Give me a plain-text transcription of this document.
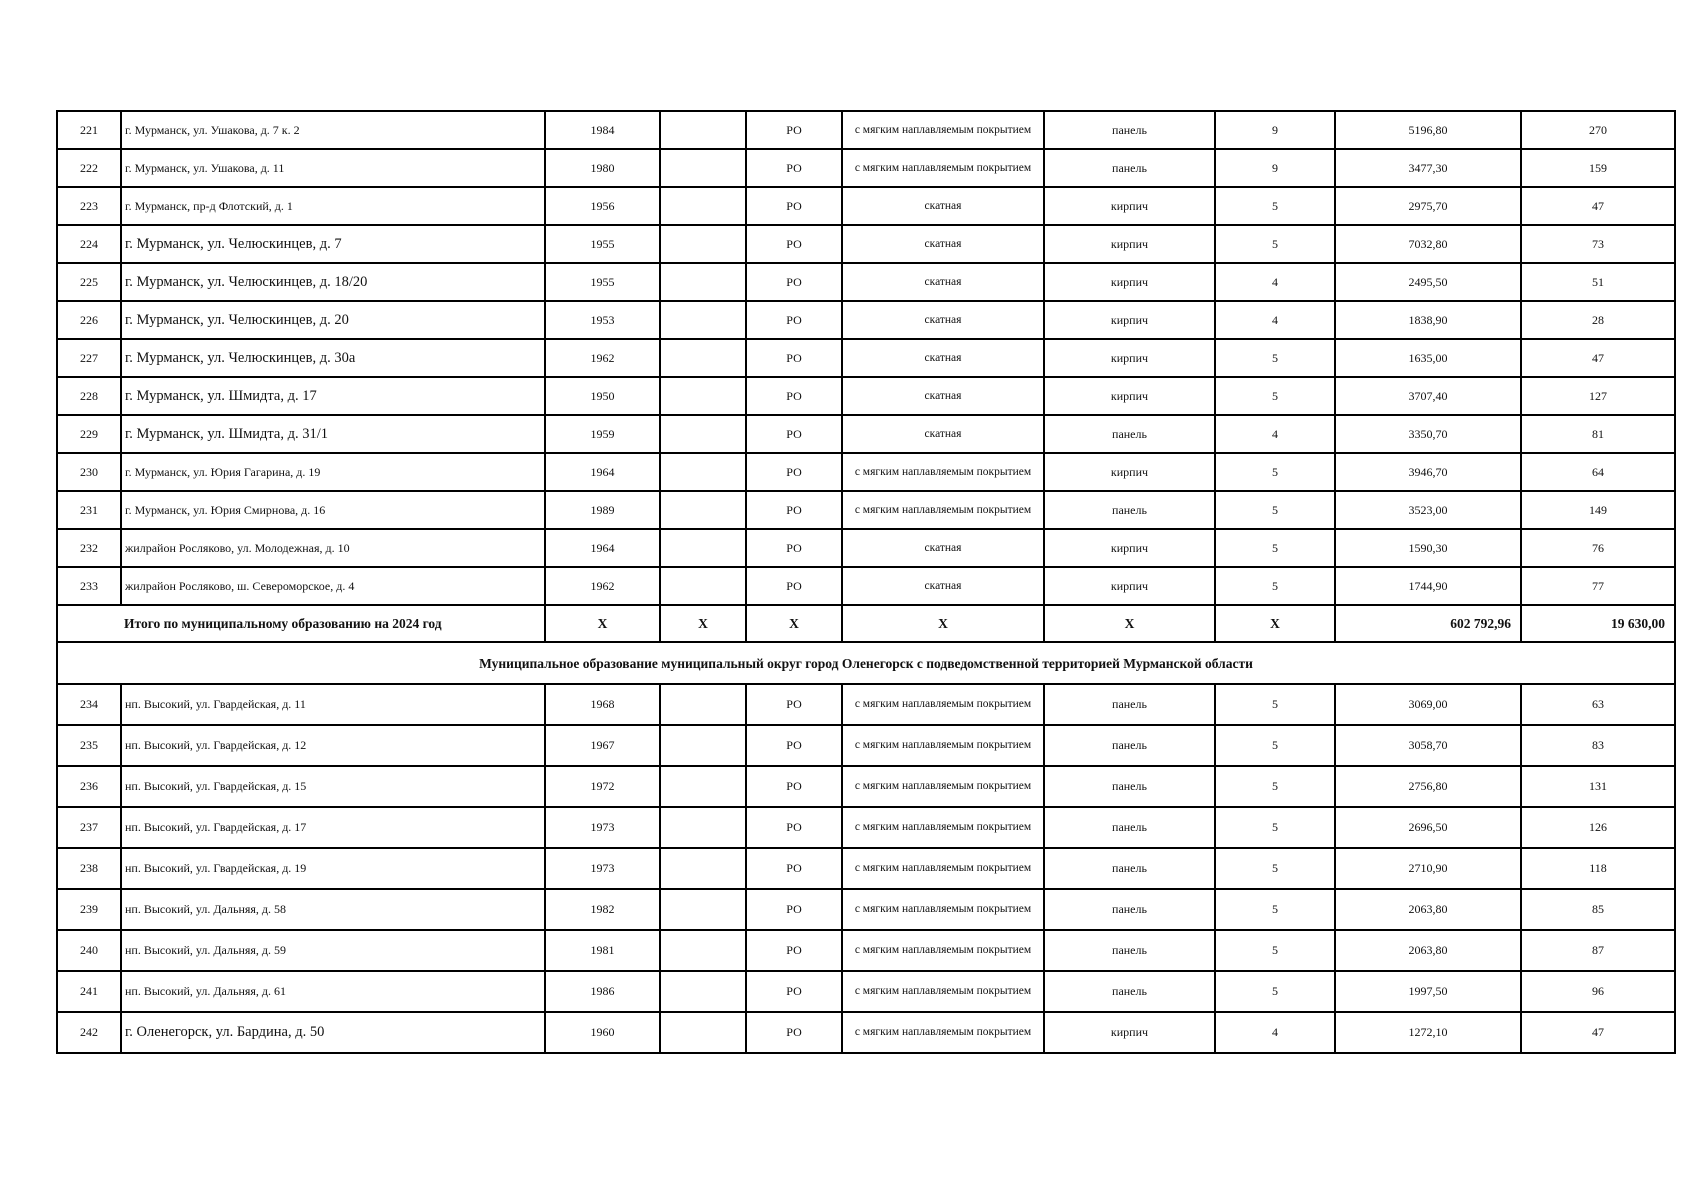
221	г. Мурманск, ул. Ушакова, д. 7 к. 2	1984		РО	с мягким наплавляемым покрытием	панель	9	5196,80	270
222	г. Мурманск, ул. Ушакова, д. 11	1980		РО	с мягким наплавляемым покрытием	панель	9	3477,30	159
223	г. Мурманск, пр-д Флотский, д. 1	1956		РО	скатная	кирпич	5	2975,70	47
224	г. Мурманск, ул. Челюскинцев, д. 7	1955		РО	скатная	кирпич	5	7032,80	73
225	г. Мурманск, ул. Челюскинцев, д. 18/20	1955		РО	скатная	кирпич	4	2495,50	51
226	г. Мурманск, ул. Челюскинцев, д. 20	1953		РО	скатная	кирпич	4	1838,90	28
227	г. Мурманск, ул. Челюскинцев, д. 30а	1962		РО	скатная	кирпич	5	1635,00	47
228	г. Мурманск, ул. Шмидта, д. 17	1950		РО	скатная	кирпич	5	3707,40	127
229	г. Мурманск, ул. Шмидта, д. 31/1	1959		РО	скатная	панель	4	3350,70	81
230	г. Мурманск, ул. Юрия Гагарина, д. 19	1964		РО	с мягким наплавляемым покрытием	кирпич	5	3946,70	64
231	г. Мурманск, ул. Юрия Смирнова, д. 16	1989		РО	с мягким наплавляемым покрытием	панель	5	3523,00	149
232	жилрайон Росляково, ул. Молодежная, д. 10	1964		РО	скатная	кирпич	5	1590,30	76
233	жилрайон Росляково, ш. Североморское, д. 4	1962		РО	скатная	кирпич	5	1744,90	77
Итого по муниципальному образованию на 2024 год		X	X	X	X	X	X	602 792,96	19 630,00
Муниципальное образование муниципальный округ город Оленегорск с подведомственной территорией Мурманской области									
234	нп. Высокий, ул. Гвардейская, д. 11	1968		РО	с мягким наплавляемым покрытием	панель	5	3069,00	63
235	нп. Высокий, ул. Гвардейская, д. 12	1967		РО	с мягким наплавляемым покрытием	панель	5	3058,70	83
236	нп. Высокий, ул. Гвардейская, д. 15	1972		РО	с мягким наплавляемым покрытием	панель	5	2756,80	131
237	нп. Высокий, ул. Гвардейская, д. 17	1973		РО	с мягким наплавляемым покрытием	панель	5	2696,50	126
238	нп. Высокий, ул. Гвардейская, д. 19	1973		РО	с мягким наплавляемым покрытием	панель	5	2710,90	118
239	нп. Высокий, ул. Дальняя, д. 58	1982		РО	с мягким наплавляемым покрытием	панель	5	2063,80	85
240	нп. Высокий, ул. Дальняя, д. 59	1981		РО	с мягким наплавляемым покрытием	панель	5	2063,80	87
241	нп. Высокий, ул. Дальняя, д. 61	1986		РО	с мягким наплавляемым покрытием	панель	5	1997,50	96
242	г. Оленегорск, ул. Бардина, д. 50	1960		РО	с мягким наплавляемым покрытием	кирпич	4	1272,10	47
